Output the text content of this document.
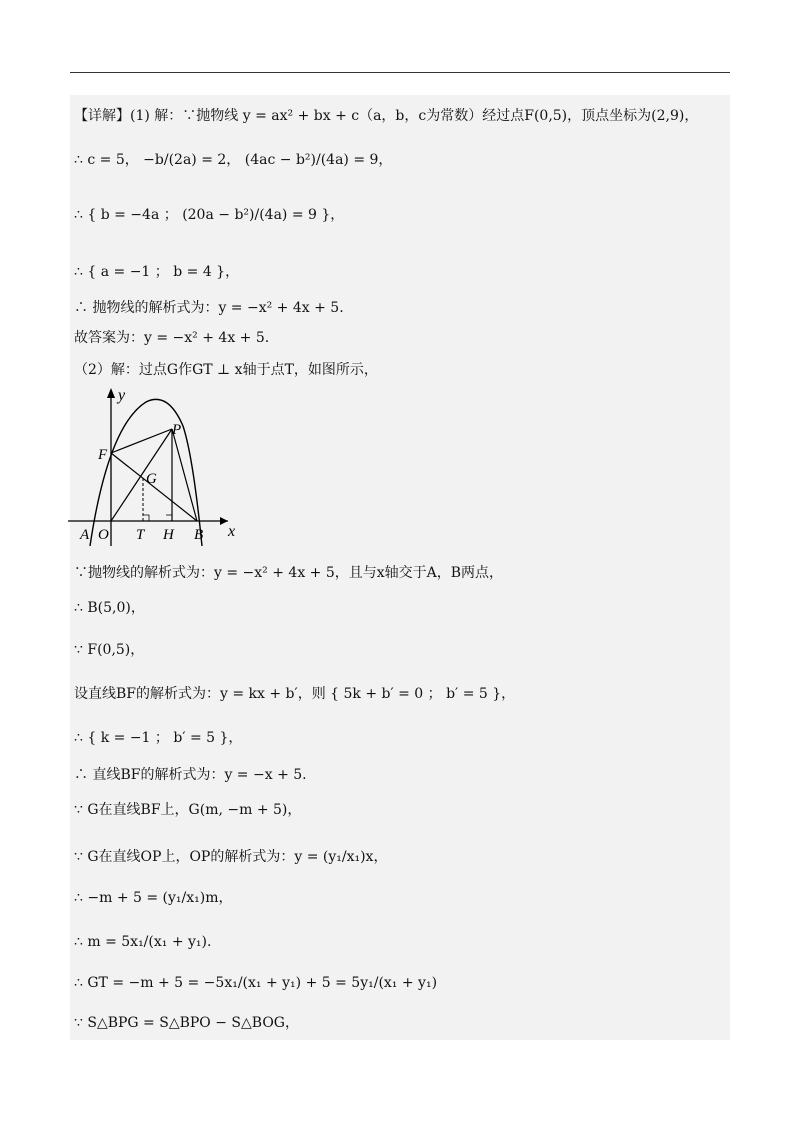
【详解】(1) 解：∵抛物线 y = ax² + bx + c（a，b，c为常数）经过点F(0,5)，顶点坐标为(2,9)，
∴ c = 5， −b/(2a) = 2， (4ac − b²)/(4a) = 9，
∴ { b = −4a ； (20a − b²)/(4a) = 9 }，
∴ { a = −1 ； b = 4 }，
∴ 抛物线的解析式为：y = −x² + 4x + 5.
故答案为：y = −x² + 4x + 5.
（2）解：过点G作GT ⊥ x轴于点T，如图所示，
y
x
F
P
G
A O T H B
∵抛物线的解析式为：y = −x² + 4x + 5，且与x轴交于A，B两点，
∴ B(5,0)，
∵ F(0,5)，
设直线BF的解析式为：y = kx + b′，则 { 5k + b′ = 0 ； b′ = 5 }，
∴ { k = −1 ； b′ = 5 }，
∴ 直线BF的解析式为：y = −x + 5.
∵ G在直线BF上，G(m, −m + 5)，
∵ G在直线OP上，OP的解析式为：y = (y₁/x₁)x，
∴ −m + 5 = (y₁/x₁)m，
∴ m = 5x₁/(x₁ + y₁).
∴ GT = −m + 5 = −5x₁/(x₁ + y₁) + 5 = 5y₁/(x₁ + y₁)
∵ S△BPG = S△BPO − S△BOG，
